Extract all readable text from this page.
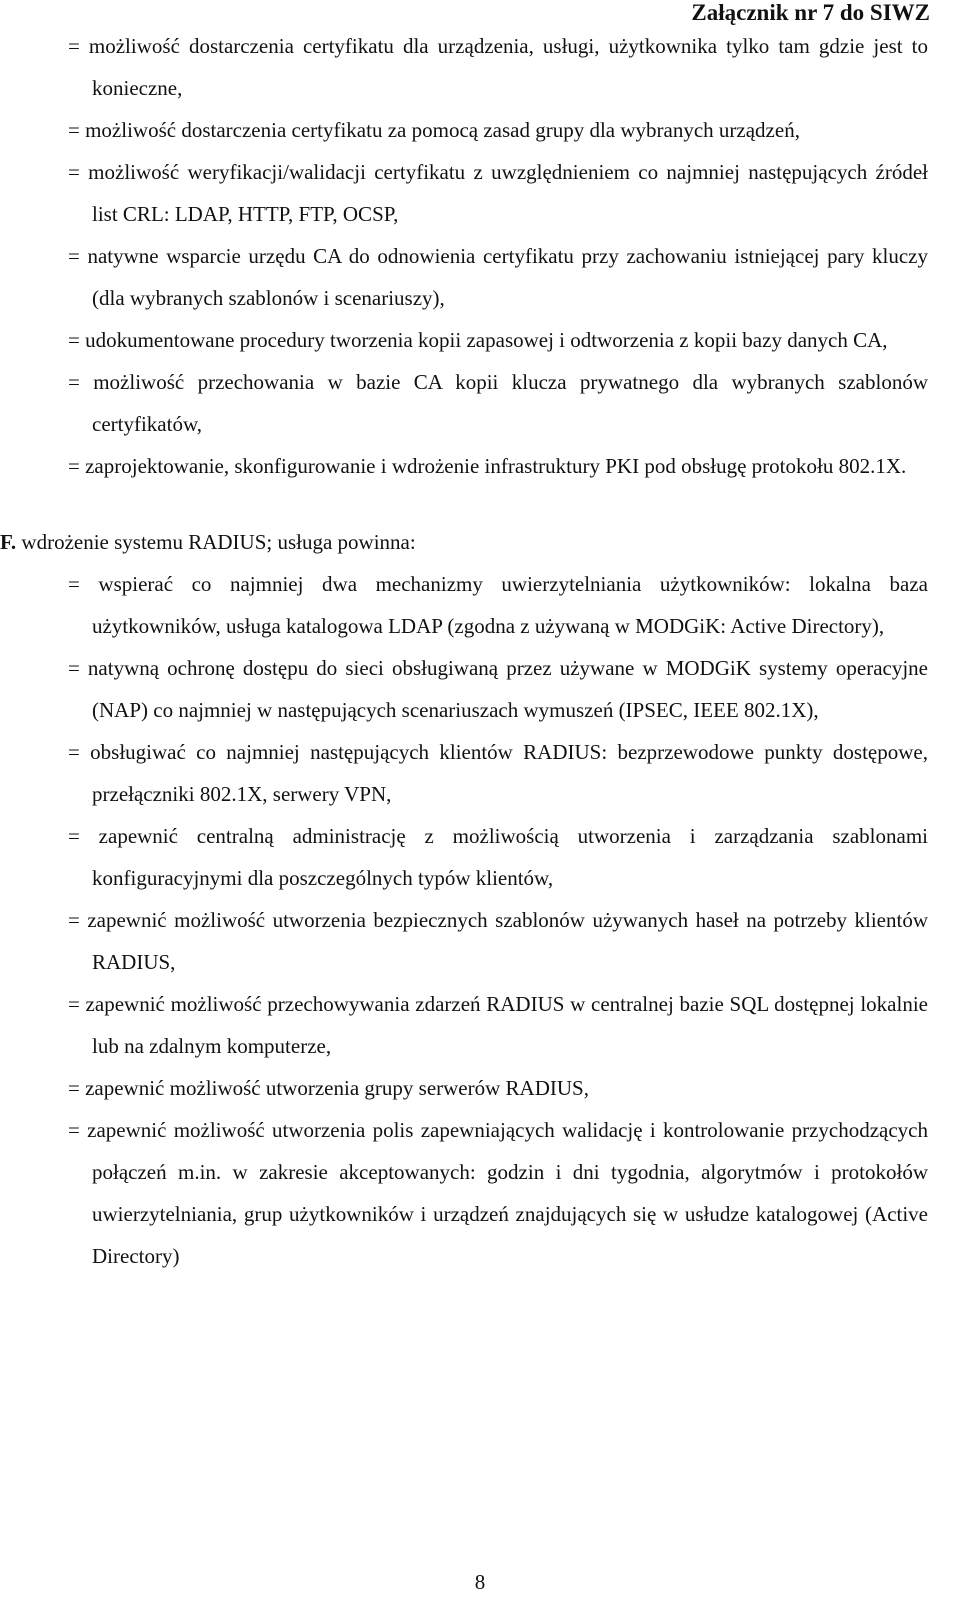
Załącznik nr 7 do SIWZ
= możliwość dostarczenia certyfikatu dla urządzenia, usługi, użytkownika tylko tam gdzie jest to konieczne,
= możliwość dostarczenia certyfikatu za pomocą zasad grupy dla wybranych urządzeń,
= możliwość weryfikacji/walidacji certyfikatu z uwzględnieniem co najmniej następujących źródeł list CRL: LDAP, HTTP, FTP, OCSP,
= natywne wsparcie urzędu CA do odnowienia certyfikatu przy zachowaniu istniejącej pary kluczy (dla wybranych szablonów i scenariuszy),
= udokumentowane procedury tworzenia kopii zapasowej i odtworzenia z kopii bazy danych CA,
= możliwość przechowania w bazie CA kopii klucza prywatnego dla wybranych szablonów certyfikatów,
= zaprojektowanie, skonfigurowanie i wdrożenie infrastruktury PKI pod obsługę protokołu 802.1X.
F. wdrożenie systemu RADIUS; usługa powinna:
= wspierać co najmniej dwa mechanizmy uwierzytelniania użytkowników: lokalna baza użytkowników, usługa katalogowa LDAP (zgodna z używaną w MODGiK: Active Directory),
= natywną ochronę dostępu do sieci obsługiwaną przez używane w MODGiK systemy operacyjne (NAP) co najmniej w następujących scenariuszach wymuszeń (IPSEC, IEEE 802.1X),
= obsługiwać co najmniej następujących klientów RADIUS: bezprzewodowe punkty dostępowe, przełączniki 802.1X, serwery VPN,
= zapewnić centralną administrację z możliwością utworzenia i zarządzania szablonami konfiguracyjnymi dla poszczególnych typów klientów,
= zapewnić możliwość utworzenia bezpiecznych szablonów używanych haseł na potrzeby klientów RADIUS,
= zapewnić możliwość przechowywania zdarzeń RADIUS w centralnej bazie SQL dostępnej lokalnie lub na zdalnym komputerze,
= zapewnić możliwość utworzenia grupy serwerów RADIUS,
= zapewnić możliwość utworzenia polis zapewniających walidację i kontrolowanie przychodzących połączeń m.in. w zakresie akceptowanych: godzin i dni tygodnia, algorytmów i protokołów uwierzytelniania, grup użytkowników i urządzeń znajdujących się w usłudze katalogowej (Active Directory)
8
